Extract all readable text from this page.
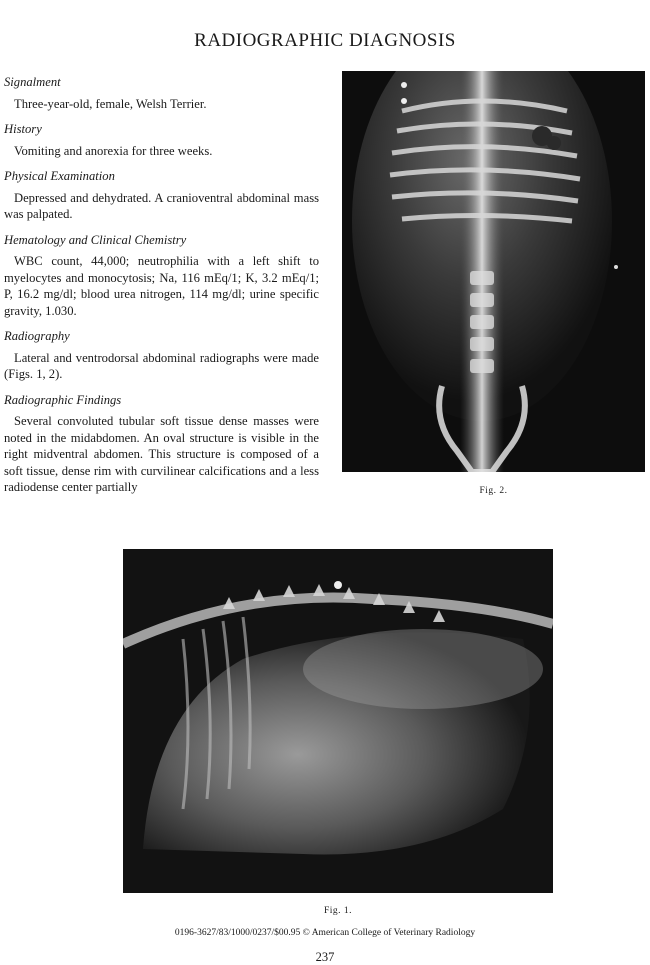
RADIOGRAPHIC DIAGNOSIS
Signalment

Three-year-old, female, Welsh Terrier.

History

Vomiting and anorexia for three weeks.

Physical Examination

Depressed and dehydrated. A cranioventral abdominal mass was palpated.

Hematology and Clinical Chemistry

WBC count, 44,000; neutrophilia with a left shift to myelocytes and monocytosis; Na, 116 mEq/1; K, 3.2 mEq/1; P, 16.2 mg/dl; blood urea nitrogen, 114 mg/dl; urine specific gravity, 1.030.

Radiography

Lateral and ventrodorsal abdominal radiographs were made (Figs. 1, 2).

Radiographic Findings

Several convoluted tubular soft tissue dense masses were noted in the midabdomen. An oval structure is visible in the right midventral abdomen. This structure is composed of a soft tissue, dense rim with curvilinear calcifications and a less radiodense center partially	Fig. 2.
Fig. 1.
0196-3627/83/1000/0237/$00.95 © American College of Veterinary Radiology
237
